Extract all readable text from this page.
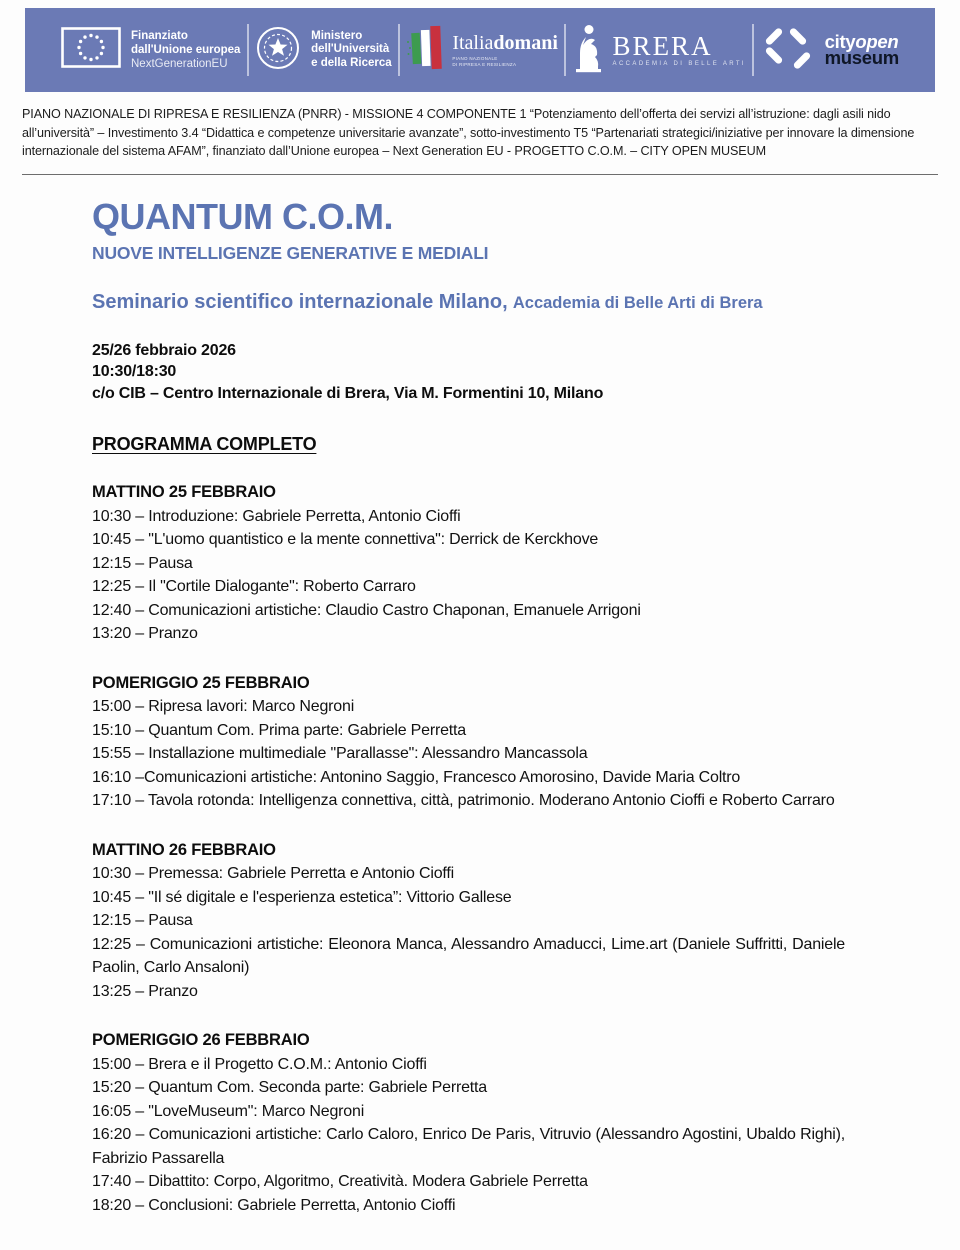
Finanziato
dall'Unione europea
NextGenerationEU
Ministero
dell'Università
e della Ricerca
Italiadomani
PIANO NAZIONALE
DI RIPRESA E RESILIENZA
BRERA
ACCADEMIA DI BELLE ARTI
cityopen
museum

PIANO NAZIONALE DI RIPRESA E RESILIENZA (PNRR) - MISSIONE 4 COMPONENTE 1 “Potenziamento dell’offerta dei servizi all’istruzione: dagli asili nido all’università” – Investimento 3.4 “Didattica e competenze universitarie avanzate”, sotto-investimento T5 “Partenariati strategici/iniziative per innovare la dimensione internazionale del sistema AFAM”, finanziato dall’Unione europea – Next Generation EU - PROGETTO C.O.M. – CITY OPEN MUSEUM

QUANTUM C.O.M.
NUOVE INTELLIGENZE GENERATIVE E MEDIALI
Seminario scientifico internazionale Milano, Accademia di Belle Arti di Brera
25/26 febbraio 2026
10:30/18:30
c/o CIB – Centro Internazionale di Brera, Via M. Formentini 10, Milano
PROGRAMMA COMPLETO
MATTINO 25 FEBBRAIO

10:30 – Introduzione: Gabriele Perretta, Antonio Cioffi

10:45 – "L'uomo quantistico e la mente connettiva": Derrick de Kerckhove

12:15 – Pausa

12:25 – Il "Cortile Dialogante": Roberto Carraro

12:40 – Comunicazioni artistiche: Claudio Castro Chaponan, Emanuele Arrigoni

13:20 – Pranzo

POMERIGGIO 25 FEBBRAIO

15:00 – Ripresa lavori: Marco Negroni

15:10 – Quantum Com. Prima parte: Gabriele Perretta

15:55 – Installazione multimediale "Parallasse": Alessandro Mancassola

16:10 –Comunicazioni artistiche: Antonino Saggio, Francesco Amorosino, Davide Maria Coltro

17:10 – Tavola rotonda: Intelligenza connettiva, città, patrimonio. Moderano Antonio Cioffi e Roberto Carraro

MATTINO 26 FEBBRAIO

10:30 – Premessa: Gabriele Perretta e Antonio Cioffi

10:45 – "Il sé digitale e l'esperienza estetica”: Vittorio Gallese

12:15 – Pausa

12:25 – Comunicazioni artistiche: Eleonora Manca, Alessandro Amaducci, Lime.art (Daniele Suffritti, Daniele Paolin, Carlo Ansaloni)

13:25 – Pranzo

POMERIGGIO 26 FEBBRAIO

15:00 – Brera e il Progetto C.O.M.: Antonio Cioffi

15:20 – Quantum Com. Seconda parte: Gabriele Perretta

16:05 – "LoveMuseum": Marco Negroni

16:20 – Comunicazioni artistiche: Carlo Caloro, Enrico De Paris, Vitruvio (Alessandro Agostini, Ubaldo Righi), Fabrizio Passarella

17:40 – Dibattito: Corpo, Algoritmo, Creatività. Modera Gabriele Perretta

18:20 – Conclusioni: Gabriele Perretta, Antonio Cioffi
